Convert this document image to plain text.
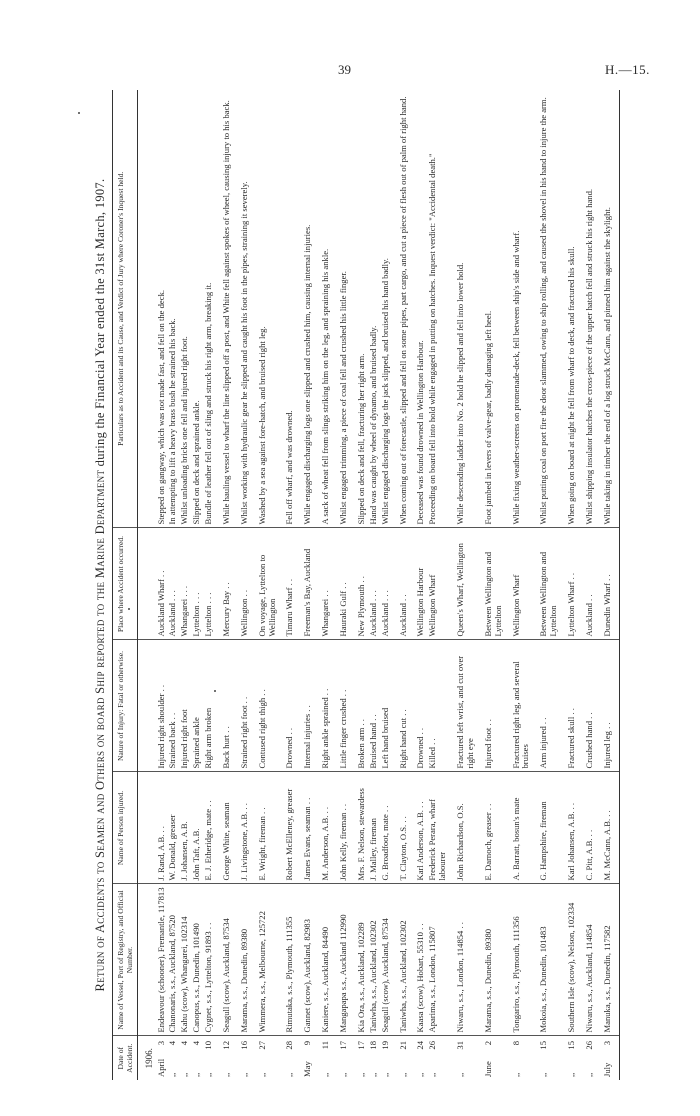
39	H.—15.
Return of Accidents to Seamen and Others on board Ship reported to the Marine Department during the Financial Year ended the 31st March, 1907.
Date of Accident.	Name of Vessel, Port of Registry, and Official Number.	Name of Person injured.	Nature of Injury: Fatal or otherwise.	Place where Accident occurred.	Particulars as to Accident and its Cause, and Verdict of Jury where Coroner's Inquest held.
1906.					
April3	Endeavour (schooner), Fremantle, 117813	J. Rand, A.B. . .	Injured right shoulder . .	Auckland Wharf . .	Stepped on gangway, which was not made fast, and fell on the deck.
,,4	Chanonaris, s.s., Auckland, 87520	W. Donald, greaser	Strained back . .	Auckland . . .	In attempting to lift a heavy brass bush he strained his back.
,,4	Kahu (scow), Whangarei, 102314	J. Johansen, A.B.	Injured right foot	Whangarei . . .	Whilst unloading bricks one fell and injured right foot.
,,4	Canopus, s.s., Dunedin, 101490	John Taft, A.B.	Sprained ankle	Lyttelton . . .	Slipped on deck and sprained ankle.
,,10	Cygnet, s.s., Lyttelton, 91893 . .	E. J. Etheridge, mate . .	Right arm broken	Lyttelton . . .	Bundle of leather fell out of sling and struck his right arm, breaking it.
,,12	Seagull (scow), Auckland, 87534	George White, seaman	Back hurt . .	Mercury Bay . .	While hauling vessel to wharf the line slipped off a post, and White fell against spokes of wheel, causing injury to his back.
,,16	Marama, s.s., Dunedin, 89380	J. Livingstone, A.B. . .	Strained right foot . .	Wellington . .	Whilst working with hydraulic gear he slipped and caught his foot in the pipes, straining it severely.
,,27	Wimmera, s.s., Melbourne, 125722	E. Wright, fireman . .	Contused right thigh . .	On voyage, Lyttelton to Wellington	Washed by a sea against fore-hatch, and bruised right leg.
,,28	Rimutaka, s.s., Plymouth, 111355	Robert McElleney, greaser	Drowned . .	Timaru Wharf . .	Fell off wharf, and was drowned.
May9	Gannet (scow), Auckland, 82983	James Evans, seaman . .	Internal injuries . .	Freeman's Bay, Auckland	While engaged discharging logs one slipped and crushed him, causing internal injuries.
,,11	Kaniere, s.s., Auckland, 84490	M. Anderson, A.B. . .	Right ankle sprained . .	Whangarei . .	A sack of wheat fell from slings striking him on the leg, and spraining his ankle.
,,17	Mangapapa s.s., Auckland 112990	John Kelly, fireman . .	Little finger crushed . .	Hauraki Gulf . .	Whilst engaged trimming, a piece of coal fell and crushed his little finger.
,,17	Kia Ora, s.s., Auckland, 102289	Mrs. F. Nelson, stewardess	Broken arm . .	New Plymouth . .	Slipped on deck and fell, fracturing her right arm.
,,18	Taniwha, s.s., Auckland, 102302	J. Malley, fireman	Bruised hand . .	Auckland . . .	Hand was caught by wheel of dynamo, and bruised badly.
,,19	Seagull (scow), Auckland, 87534	G. Broadfoot, mate . .	Left hand bruised	Auckland . . .	Whilst engaged discharging logs the jack slipped, and bruised his hand badly.
,,21	Taniwha, s.s., Auckland, 102302	T. Clayton, O.S. . .	Right hand cut . .	Auckland . .	When coming out of forecastle, slipped and fell on some pipes, part cargo, and cut a piece of flesh out of palm of right hand.
,,24	Kaasa (scow), Hobart, 55310 . .	Karl Anderson, A.B. . .	Drowned . .	Wellington Harbour	Deceased was found drowned in Wellington Harbour.
,,26	Aparima, s.s., London, 115807	Frederick Perara, wharf labourer	Killed . .	Wellington Wharf	Proceeding on board fell into hold while engaged in putting on hatches. Inquest verdict: "Accidental death."
,,31	Niwaru, s.s., London, 114854 . .	John Richardson, O.S.	Fractured left wrist, and cut over right eye	Queen's Wharf, Wellington	While descending ladder into No. 2 hold he slipped and fell into lower hold.
June2	Marama, s.s., Dunedin, 89380	E. Darnoch, greaser . .	Injured foot . .	Between Wellington and Lyttelton	Foot jambed in levers of valve-gear, badly damaging left heel.
,,8	Tongariro, s.s., Plymouth, 111356	A. Barratt, bosun's mate	Fractured right leg, and several bruises	Wellington Wharf	While fixing weather-screens on promenade-deck, fell between ship's side and wharf.
,,15	Mokoia, s.s., Dunedin, 101483	G. Hampshire, fireman	Arm injured . .	Between Wellington and Lyttelton	Whilst putting coal on port fire the door slammed, owing to ship rolling, and caused the shovel in his hand to injure the arm.
,,15	Southern Isle (scow), Nelson, 102334	Karl Johansen, A.B. . .	Fractured skull . .	Lyttelton Wharf . .	When going on board at night he fell from wharf to deck, and fractured his skull.
,,26	Niwaru, s.s., Auckland, 114854	C. Pitt, A.B. . .	Crushed hand . .	Auckland . .	Whilst shipping insulator hatches the cross-piece of the upper hatch fell and struck his right hand.
July3	Manuka, s.s., Dunedin, 117582	M. McCann, A.B. . .	Injured leg . .	Dunedin Wharf . .	While taking in timber the end of a log struck McCann, and pinned him against the skylight.
